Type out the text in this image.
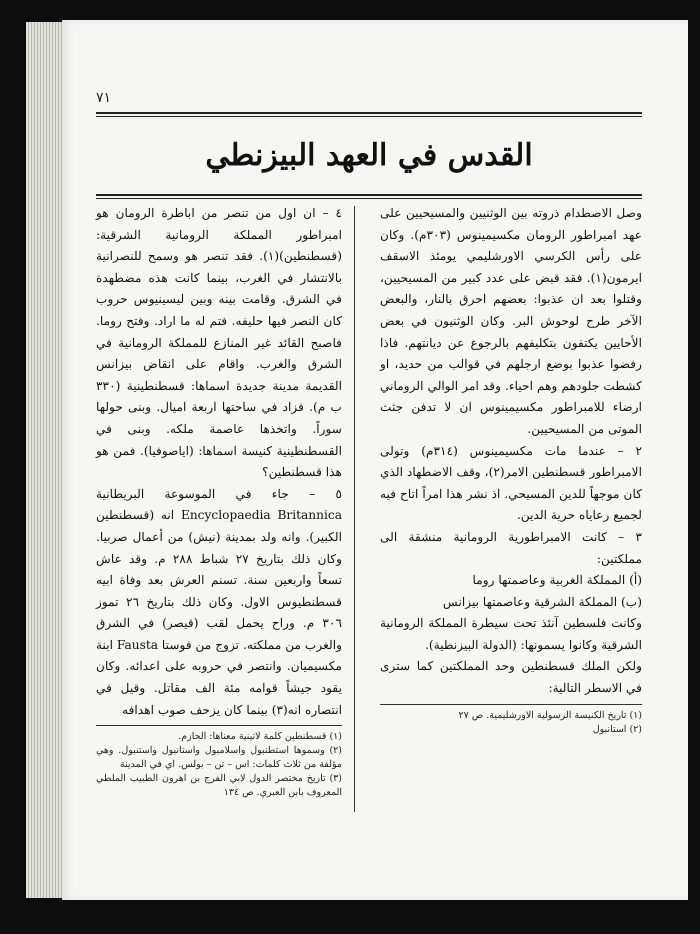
٧١
القدس في العهد البيزنطي

وصل الاصطدام ذروته بين الوثنيين والمسيحيين على عهد امبراطور الرومان مكسيمينوس (٣٠٣م). وكان على رأس الكرسي الاورشليمي يومئذ الاسقف ايرمون(١). فقد قبض على عدد كبير من المسيحيين، وقتلوا بعد ان عذبوا: بعضهم احرق بالنار، والبعض الآخر طرح لوحوش البر. وكان الوثنيون في بعض الأحايين يكتفون بتكليفهم بالرجوع عن ديانتهم. فاذا رفضوا عذبوا بوضع ارجلهم في قوالب من حديد، او كشطت جلودهم وهم احياء. وقد امر الوالي الروماني ارضاء للامبراطور مكسيمينوس ان لا تدفن جثث الموتى من المسيحيين.

٢ – عندما مات مكسيمينوس (٣١٤م) وتولى الامبراطور قسطنطين الامر(٢)، وقف الاضطهاد الذي كان موجهاً للدين المسيحي. اذ نشر هذا امراً اتاح فيه لجميع رعاياه حرية الدين.

٣ – كانت الامبراطورية الرومانية منشقة الى مملكتين:

(أ) المملكة الغربية وعاصمتها روما

(ب) المملكة الشرقية وعاصمتها بيزانس

وكانت فلسطين آنئذ تحت سيطرة المملكة الرومانية الشرقية وكانوا يسمونها: (الدولة البيزنطية).

ولكن الملك قسطنطين وحد المملكتين كما سترى في الاسطر التالية:

(١) تاريخ الكنيسة الرسولية الاورشليمية. ص ٢٧

(٢) استانبول

٤ – ان اول من تنصر من اباطرة الرومان هو امبراطور المملكة الرومانية الشرقية: (قسطنطين)(١). فقد تنصر هو وسمح للنصرانية بالانتشار في الغرب، بينما كانت هذه مضطهدة في الشرق. وقامت بينه وبين ليسينيوس حروب كان النصر فيها حليفه. فتم له ما اراد. وفتح روما. فاصبح القائد غير المنازع للمملكة الرومانية في الشرق والغرب. واقام على انقاض بيزانس القديمة مدينة جديدة اسماها: قسطنطينية (٣٣٠ ب م). فزاد في ساحتها اربعة اميال. وبنى حولها سوراً. واتخذها عاصمة ملكه. وبنى في القسطنطينية كنيسة اسماها: (اياصوفيا). فمن هو هذا قسطنطين؟

٥ – جاء في الموسوعة البريطانية Encyclopaedia Britannica انه (قسطنطين الكبير). وانه ولد بمدينة (نيش) من أعمال صربيا. وكان ذلك بتاريخ ٢٧ شباط ٢٨٨ م. وقد عاش تسعاً واربعين سنة. تسنم العرش بعد وفاة ابيه قسطنطيوس الاول. وكان ذلك بتاريخ ٢٦ تموز ٣٠٦ م. وراح يحمل لقب (قيصر) في الشرق والغرب من مملكته. تزوج من فوستا Fausta ابنة مكسيميان. وانتصر في حروبه على اعدائه. وكان يقود جيشاً قوامه مئة الف مقاتل. وقيل في انتصاره انه(٣) بينما كان يزحف صوب اهدافه

(١) قسطنطين كلمة لاتينية معناها: الحازم.

(٢) وسموها استطنبول واسلامبول واستانبول واستنبول. وهي مؤلفة من ثلاث كلمات: اس – تن – بولس. اي في المدينة

(٣) تاريخ مختصر الدول لابي الفرج بن اهرون الطبيب الملطي المعروف بابن العبري. ص ١٣٤
